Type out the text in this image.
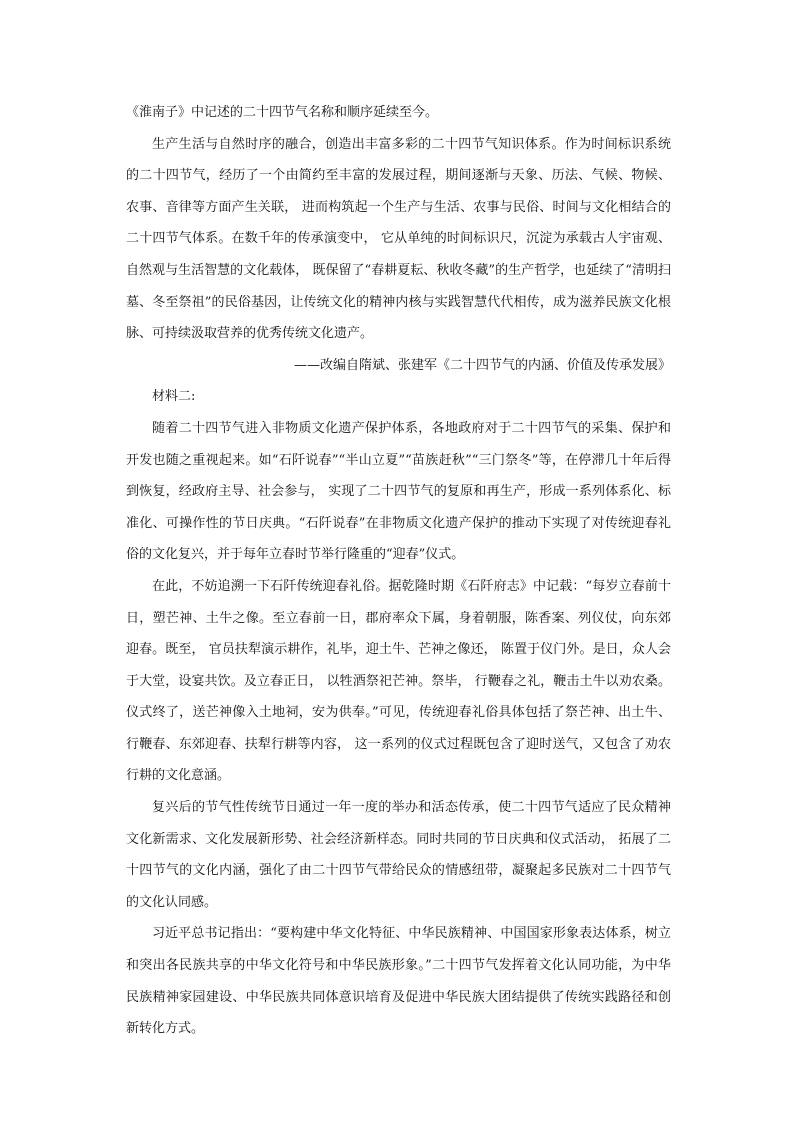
《淮南子》中记述的二十四节气名称和顺序延续至今。

生产生活与自然时序的融合，创造出丰富多彩的二十四节气知识体系。作为时间标识系统的二十四节气，经历了一个由简约至丰富的发展过程，期间逐渐与天象、历法、气候、物候、农事、音律等方面产生关联， 进而构筑起一个生产与生活、农事与民俗、时间与文化相结合的二十四节气体系。在数千年的传承演变中， 它从单纯的时间标识尺，沉淀为承载古人宇宙观、自然观与生活智慧的文化载体， 既保留了“春耕夏耘、秋收冬藏”的生产哲学，也延续了“清明扫墓、冬至祭祖”的民俗基因，让传统文化的精神内核与实践智慧代代相传，成为滋养民族文化根脉、可持续汲取营养的优秀传统文化遗产。

——改编自隋斌、张建军《二十四节气的内涵、价值及传承发展》

材料二:

随着二十四节气进入非物质文化遗产保护体系，各地政府对于二十四节气的采集、保护和开发也随之重视起来。如“石阡说春”“半山立夏”“苗族赶秋”“三门祭冬”等，在停滞几十年后得到恢复，经政府主导、社会参与， 实现了二十四节气的复原和再生产，形成一系列体系化、标准化、可操作性的节日庆典。“石阡说春”在非物质文化遗产保护的推动下实现了对传统迎春礼俗的文化复兴，并于每年立春时节举行隆重的“迎春”仪式。

在此，不妨追溯一下石阡传统迎春礼俗。据乾隆时期《石阡府志》中记载：“每岁立春前十日，塑芒神、土牛之像。至立春前一日，郡府率众下属，身着朝服，陈香案、列仪仗，向东郊迎春。既至， 官员扶犁演示耕作，礼毕，迎土牛、芒神之像还， 陈置于仪门外。是日，众人会于大堂，设宴共饮。及立春正日， 以牲酒祭祀芒神。祭毕， 行鞭春之礼，鞭击土牛以劝农桑。仪式终了，送芒神像入土地祠，安为供奉。”可见，传统迎春礼俗具体包括了祭芒神、出土牛、行鞭春、东郊迎春、扶犁行耕等内容， 这一系列的仪式过程既包含了迎时送气，又包含了劝农行耕的文化意涵。

复兴后的节气性传统节日通过一年一度的举办和活态传承，使二十四节气适应了民众精神文化新需求、文化发展新形势、社会经济新样态。同时共同的节日庆典和仪式活动， 拓展了二十四节气的文化内涵，强化了由二十四节气带给民众的情感纽带，凝聚起多民族对二十四节气的文化认同感。

习近平总书记指出：“要构建中华文化特征、中华民族精神、中国国家形象表达体系，树立和突出各民族共享的中华文化符号和中华民族形象。”二十四节气发挥着文化认同功能，为中华民族精神家园建设、中华民族共同体意识培育及促进中华民族大团结提供了传统实践路径和创新转化方式。
